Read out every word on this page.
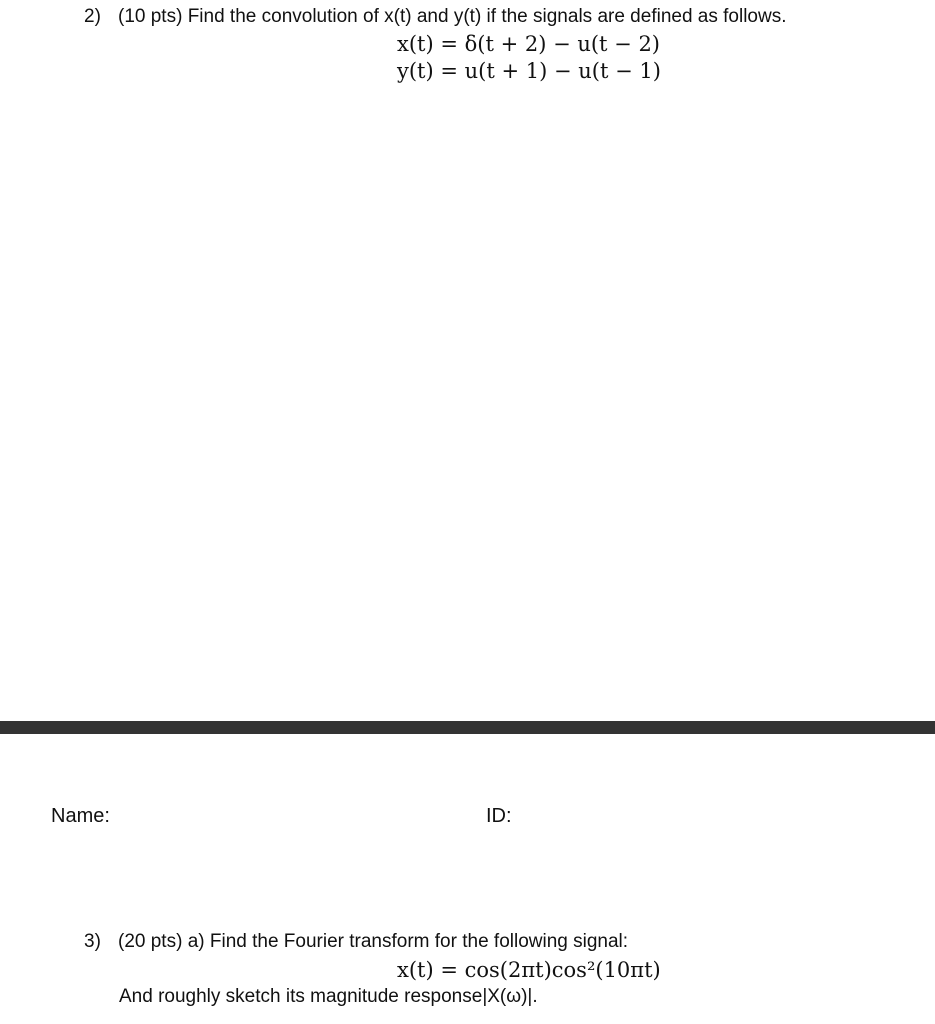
2) (10 pts) Find the convolution of x(t) and y(t) if the signals are defined as follows.
x(t) = δ(t + 2) − u(t − 2)
y(t) = u(t + 1) − u(t − 1)
Name:	ID:
3) (20 pts) a) Find the Fourier transform for the following signal:
x(t) = cos(2πt)cos²(10πt)
And roughly sketch its magnitude response|X(ω)|.
